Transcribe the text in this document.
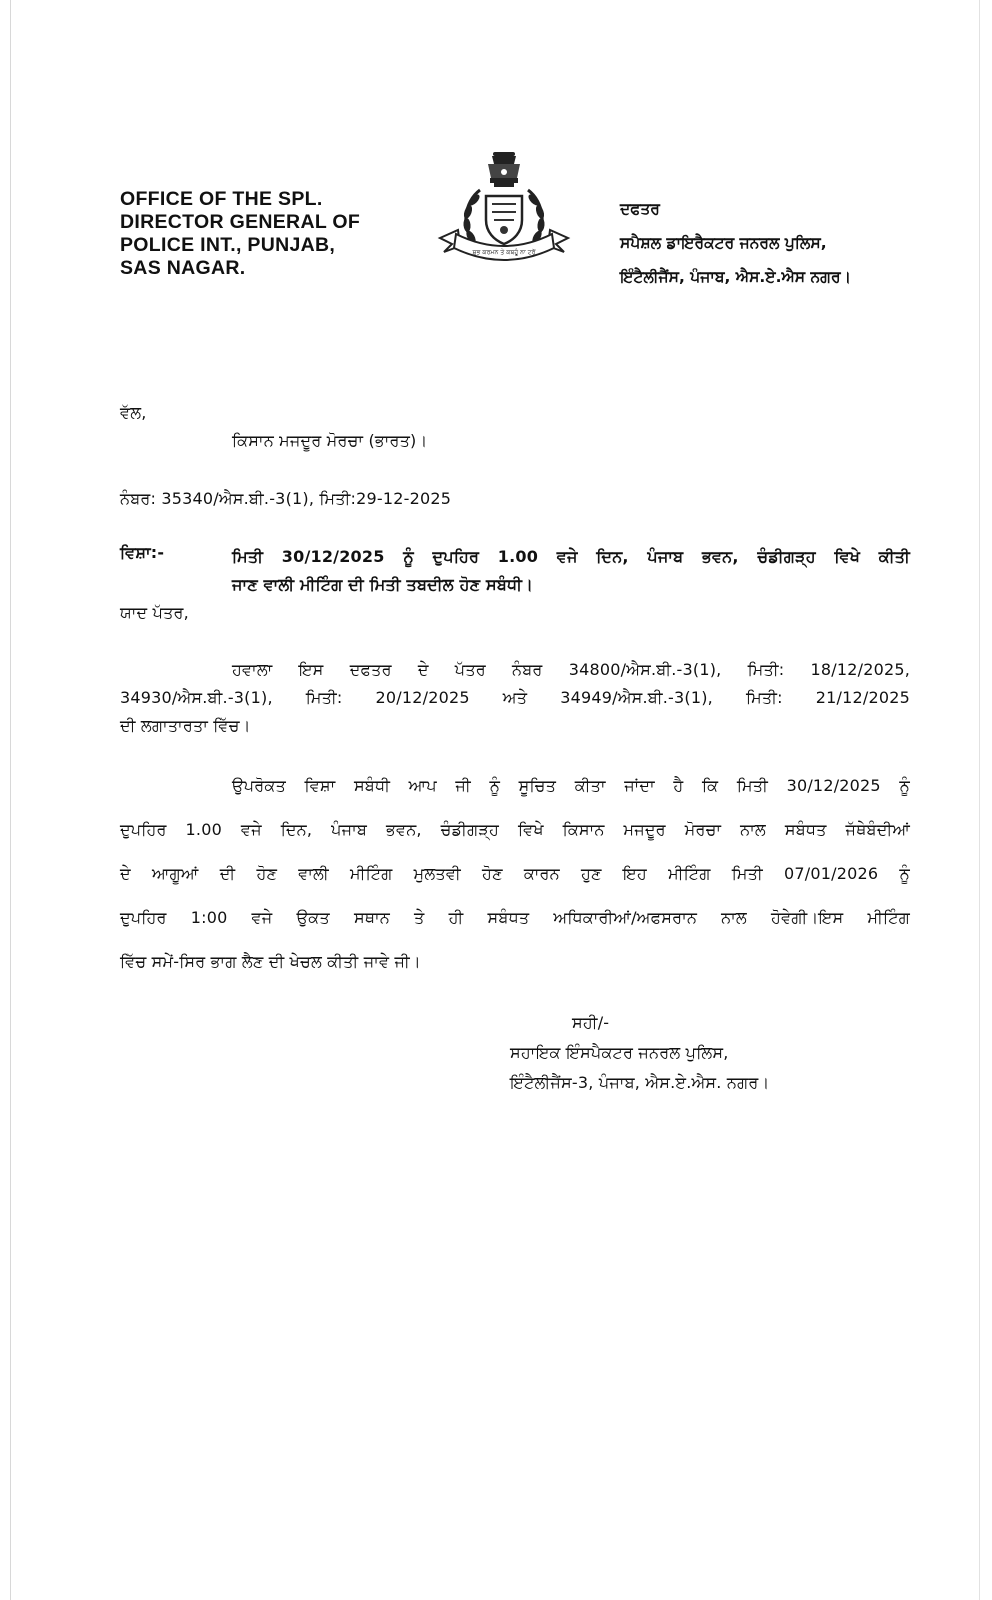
OFFICE OF THE SPL.
DIRECTOR GENERAL OF
POLICE INT., PUNJAB,
SAS NAGAR.
ਸ਼ੁਭ ਕਰਮਨ ਤੇ ਕਬਹੂੰ ਨਾ ਟਰੋਂ
ਦਫਤਰ
ਸਪੈਸ਼ਲ ਡਾਇਰੈਕਟਰ ਜਨਰਲ ਪੁਲਿਸ,
ਇੰਟੈਲੀਜੈਂਸ, ਪੰਜਾਬ, ਐਸ.ਏ.ਐਸ ਨਗਰ।
ਵੱਲ,
ਕਿਸਾਨ ਮਜਦੂਰ ਮੋਰਚਾ (ਭਾਰਤ)।
ਨੰਬਰ: 35340/ਐਸ.ਬੀ.-3(1), ਮਿਤੀ:29-12-2025
ਵਿਸ਼ਾ:-	ਮਿਤੀ 30/12/2025 ਨੂੰ ਦੁਪਹਿਰ 1.00 ਵਜੇ ਦਿਨ, ਪੰਜਾਬ ਭਵਨ, ਚੰਡੀਗੜ੍ਹ ਵਿਖੇ ਕੀਤੀ
ਜਾਣ ਵਾਲੀ ਮੀਟਿੰਗ ਦੀ ਮਿਤੀ ਤਬਦੀਲ ਹੋਣ ਸਬੰਧੀ।
ਯਾਦ ਪੱਤਰ,
ਹਵਾਲਾ ਇਸ ਦਫਤਰ ਦੇ ਪੱਤਰ ਨੰਬਰ 34800/ਐਸ.ਬੀ.-3(1), ਮਿਤੀ: 18/12/2025,
34930/ਐਸ.ਬੀ.-3(1), ਮਿਤੀ: 20/12/2025 ਅਤੇ 34949/ਐਸ.ਬੀ.-3(1), ਮਿਤੀ: 21/12/2025
ਦੀ ਲਗਾਤਾਰਤਾ ਵਿੱਚ।
ਉਪਰੋਕਤ ਵਿਸ਼ਾ ਸਬੰਧੀ ਆਪ ਜੀ ਨੂੰ ਸੂਚਿਤ ਕੀਤਾ ਜਾਂਦਾ ਹੈ ਕਿ ਮਿਤੀ 30/12/2025 ਨੂੰ
ਦੁਪਹਿਰ 1.00 ਵਜੇ ਦਿਨ, ਪੰਜਾਬ ਭਵਨ, ਚੰਡੀਗੜ੍ਹ ਵਿਖੇ ਕਿਸਾਨ ਮਜਦੂਰ ਮੋਰਚਾ ਨਾਲ ਸਬੰਧਤ ਜੱਥੇਬੰਦੀਆਂ
ਦੇ ਆਗੂਆਂ ਦੀ ਹੋਣ ਵਾਲੀ ਮੀਟਿੰਗ ਮੁਲਤਵੀ ਹੋਣ ਕਾਰਨ ਹੁਣ ਇਹ ਮੀਟਿੰਗ ਮਿਤੀ 07/01/2026 ਨੂੰ
ਦੁਪਹਿਰ 1:00 ਵਜੇ ਉਕਤ ਸਥਾਨ ਤੇ ਹੀ ਸਬੰਧਤ ਅਧਿਕਾਰੀਆਂ/ਅਫਸਰਾਨ ਨਾਲ ਹੋਵੇਗੀ।ਇਸ ਮੀਟਿੰਗ
ਵਿੱਚ ਸਮੇਂ-ਸਿਰ ਭਾਗ ਲੈਣ ਦੀ ਖੇਚਲ ਕੀਤੀ ਜਾਵੇ ਜੀ।
ਸਹੀ/-
ਸਹਾਇਕ ਇੰਸਪੈਕਟਰ ਜਨਰਲ ਪੁਲਿਸ,
ਇੰਟੈਲੀਜੈਂਸ-3, ਪੰਜਾਬ, ਐਸ.ਏ.ਐਸ. ਨਗਰ।
